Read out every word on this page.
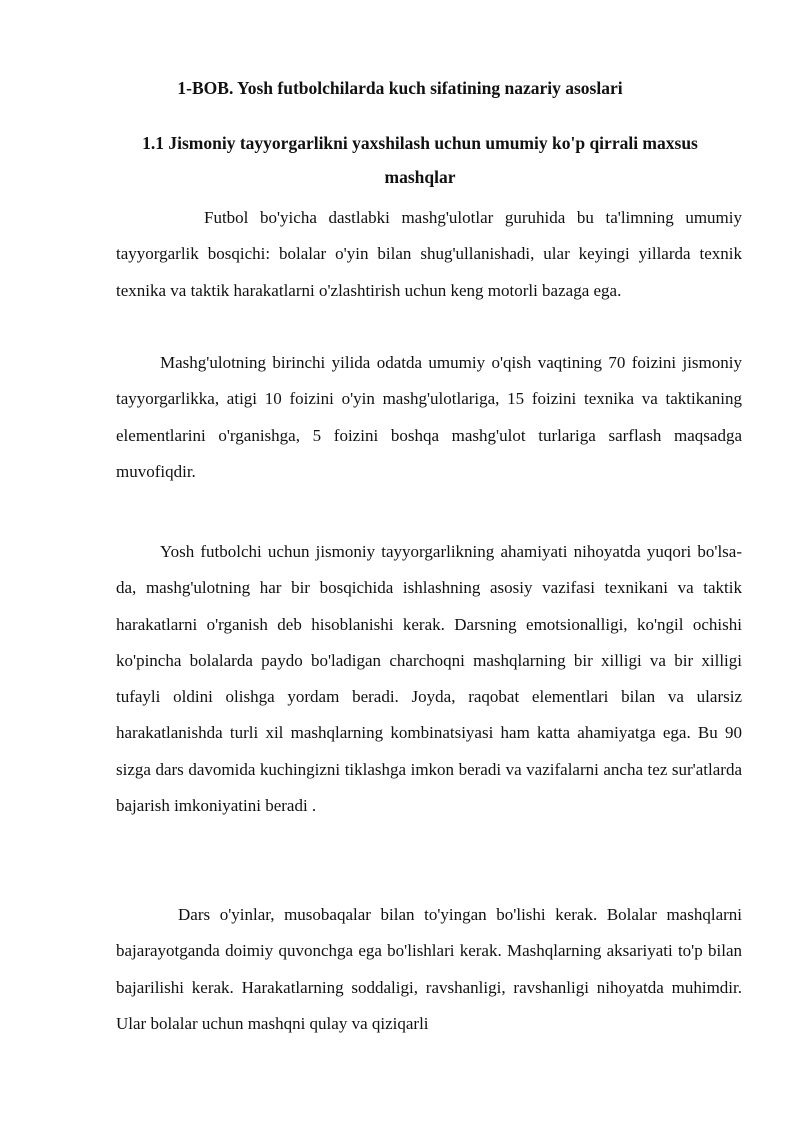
1-BOB. Yosh futbolchilarda kuch sifatining nazariy asoslari
1.1 Jismoniy tayyorgarlikni yaxshilash uchun umumiy ko'p qirrali maxsus mashqlar

Futbol bo'yicha dastlabki mashg'ulotlar guruhida bu ta'limning umumiy tayyorgarlik bosqichi: bolalar o'yin bilan shug'ullanishadi, ular keyingi yillarda texnik texnika va taktik harakatlarni o'zlashtirish uchun keng motorli bazaga ega.

Mashg'ulotning birinchi yilida odatda umumiy o'qish vaqtining 70 foizini jismoniy tayyorgarlikka, atigi 10 foizini o'yin mashg'ulotlariga, 15 foizini texnika va taktikaning elementlarini o'rganishga, 5 foizini boshqa mashg'ulot turlariga sarflash maqsadga muvofiqdir.

Yosh futbolchi uchun jismoniy tayyorgarlikning ahamiyati nihoyatda yuqori bo'lsa-da, mashg'ulotning har bir bosqichida ishlashning asosiy vazifasi texnikani va taktik harakatlarni o'rganish deb hisoblanishi kerak. Darsning emotsionalligi, ko'ngil ochishi ko'pincha bolalarda paydo bo'ladigan charchoqni mashqlarning bir xilligi va bir xilligi tufayli oldini olishga yordam beradi. Joyda, raqobat elementlari bilan va ularsiz harakatlanishda turli xil mashqlarning kombinatsiyasi ham katta ahamiyatga ega. Bu 90 sizga dars davomida kuchingizni tiklashga imkon beradi va vazifalarni ancha tez sur'atlarda bajarish imkoniyatini beradi .

Dars o'yinlar, musobaqalar bilan to'yingan bo'lishi kerak. Bolalar mashqlarni bajarayotganda doimiy quvonchga ega bo'lishlari kerak. Mashqlarning aksariyati to'p bilan bajarilishi kerak. Harakatlarning soddaligi, ravshanligi, ravshanligi nihoyatda muhimdir. Ular bolalar uchun mashqni qulay va qiziqarli
